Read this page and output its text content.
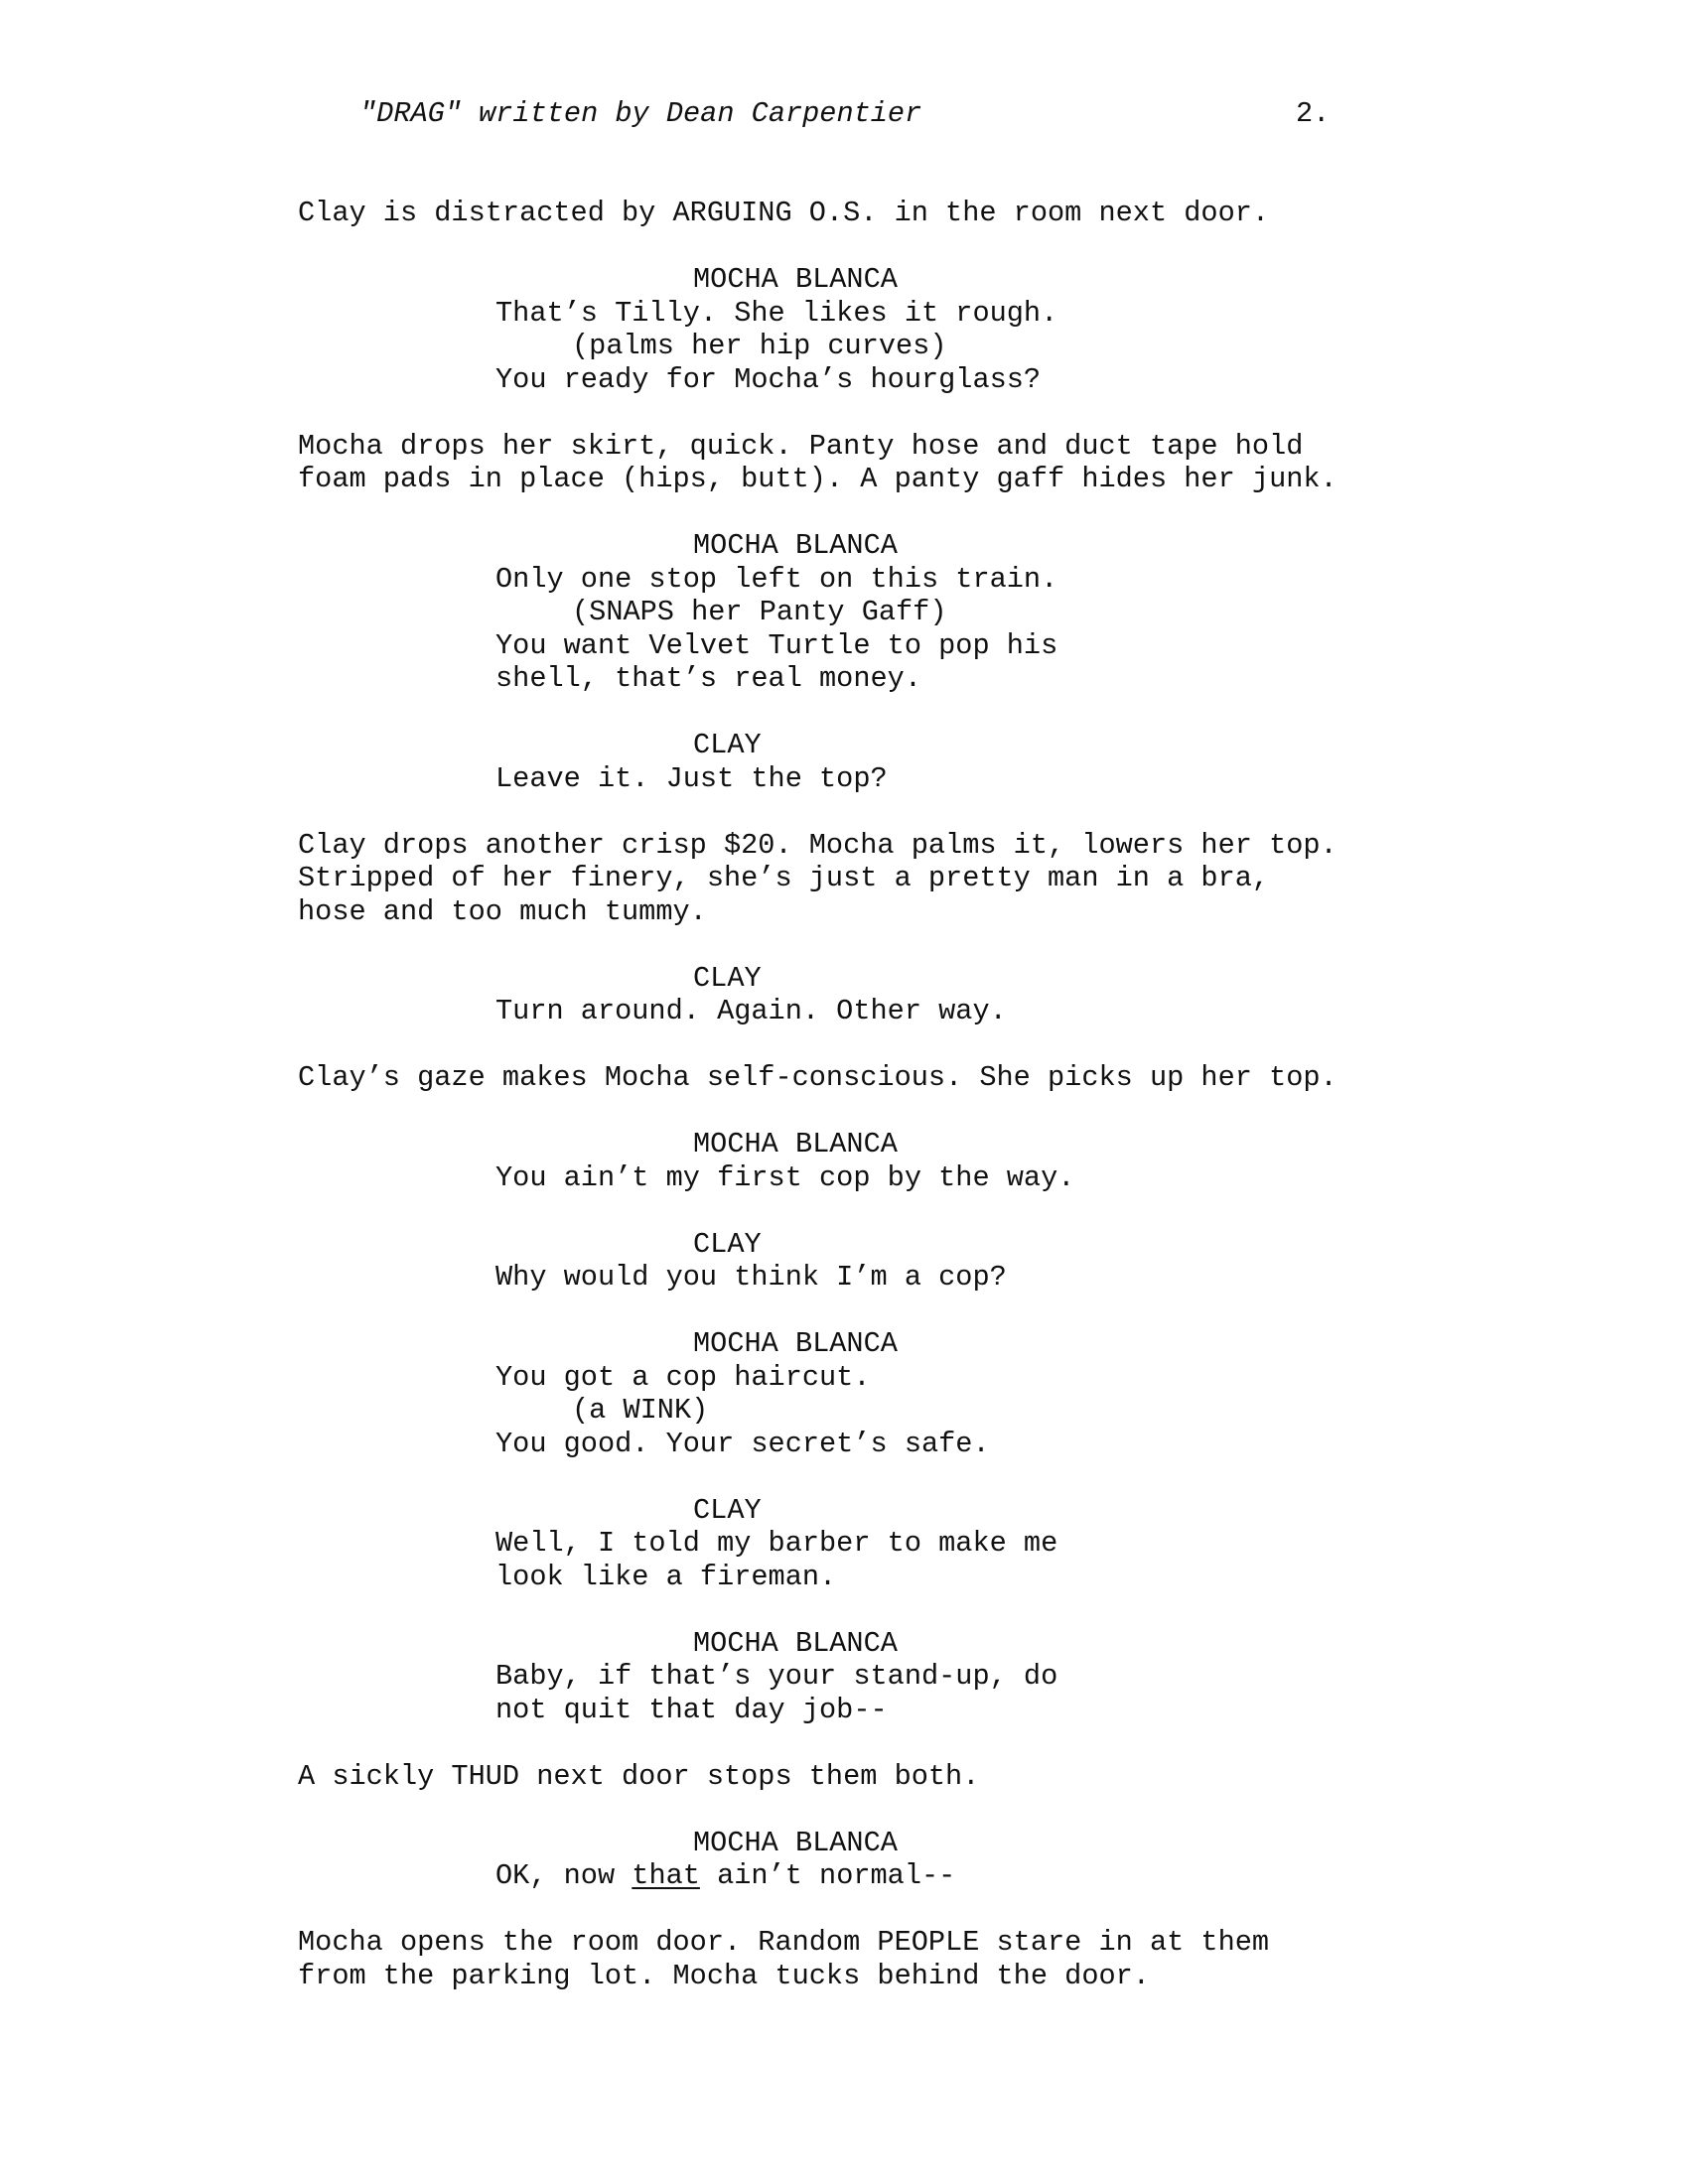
"DRAG" written by Dean Carpentier	2.
Clay is distracted by ARGUING O.S. in the room next door.
MOCHA BLANCA
That’s Tilly. She likes it rough.
(palms her hip curves)
You ready for Mocha’s hourglass?
Mocha drops her skirt, quick. Panty hose and duct tape hold
foam pads in place (hips, butt). A panty gaff hides her junk.
MOCHA BLANCA
Only one stop left on this train.
(SNAPS her Panty Gaff)
You want Velvet Turtle to pop his
shell, that’s real money.
CLAY
Leave it. Just the top?
Clay drops another crisp $20. Mocha palms it, lowers her top.
Stripped of her finery, she’s just a pretty man in a bra,
hose and too much tummy.
CLAY
Turn around. Again. Other way.
Clay’s gaze makes Mocha self-conscious. She picks up her top.
MOCHA BLANCA
You ain’t my first cop by the way.
CLAY
Why would you think I’m a cop?
MOCHA BLANCA
You got a cop haircut.
(a WINK)
You good. Your secret’s safe.
CLAY
Well, I told my barber to make me
look like a fireman.
MOCHA BLANCA
Baby, if that’s your stand-up, do
not quit that day job--
A sickly THUD next door stops them both.
MOCHA BLANCA
OK, now that ain’t normal--
Mocha opens the room door. Random PEOPLE stare in at them
from the parking lot. Mocha tucks behind the door.
